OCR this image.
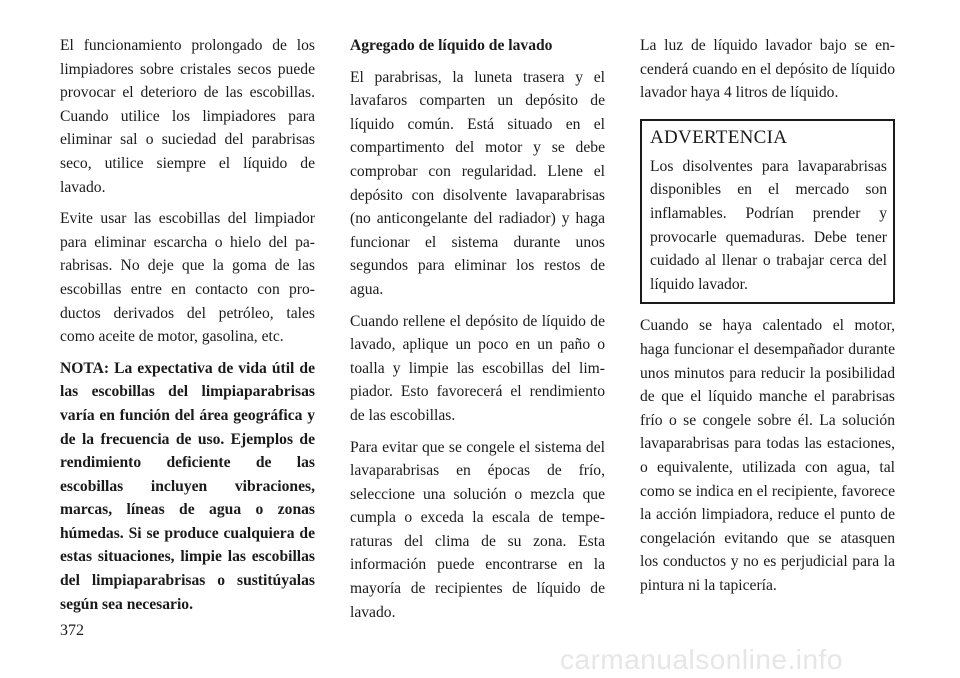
El funcionamiento prolongado de los limpiadores sobre cristales secos puede provocar el deterioro de las escobillas. Cuando utilice los limpiadores para eliminar sal o suciedad del parabrisas seco, utilice siempre el líquido de lavado.

Evite usar las escobillas del limpiador para eliminar escarcha o hielo del parabrisas. No deje que la goma de las escobillas entre en contacto con productos derivados del petróleo, tales como aceite de motor, gasolina, etc.

NOTA: La expectativa de vida útil de las escobillas del limpiaparabrisas varía en función del área geográfica y de la frecuencia de uso. Ejemplos de rendimiento deficiente de las escobillas incluyen vibraciones, marcas, líneas de agua o zonas húmedas. Si se produce cualquiera de estas situaciones, limpie las escobillas del limpiaparabrisas o sustitúyalas según sea necesario.

Agregado de líquido de lavado

El parabrisas, la luneta trasera y el lavafaros comparten un depósito de líquido común. Está situado en el compartimento del motor y se debe comprobar con regularidad. Llene el depósito con disolvente lavaparabrisas (no anticongelante del radiador) y haga funcionar el sistema durante unos segundos para eliminar los restos de agua.

Cuando rellene el depósito de líquido de lavado, aplique un poco en un paño o toalla y limpie las escobillas del limpiador. Esto favorecerá el rendimiento de las escobillas.

Para evitar que se congele el sistema del lavaparabrisas en épocas de frío, seleccione una solución o mezcla que cumpla o exceda la escala de temperaturas del clima de su zona. Esta información puede encontrarse en la mayoría de recipientes de líquido de lavado.

La luz de líquido lavador bajo se encenderá cuando en el depósito de líquido lavador haya 4 litros de líquido.

ADVERTENCIA

Los disolventes para lavaparabrisas disponibles en el mercado son inflamables. Podrían prender y provocarle quemaduras. Debe tener cuidado al llenar o trabajar cerca del líquido lavador.

Cuando se haya calentado el motor, haga funcionar el desempañador durante unos minutos para reducir la posibilidad de que el líquido manche el parabrisas frío o se congele sobre él. La solución lavaparabrisas para todas las estaciones, o equivalente, utilizada con agua, tal como se indica en el recipiente, favorece la acción limpiadora, reduce el punto de congelación evitando que se atasquen los conductos y no es perjudicial para la pintura ni la tapicería.

372
carmanualsonline.info
